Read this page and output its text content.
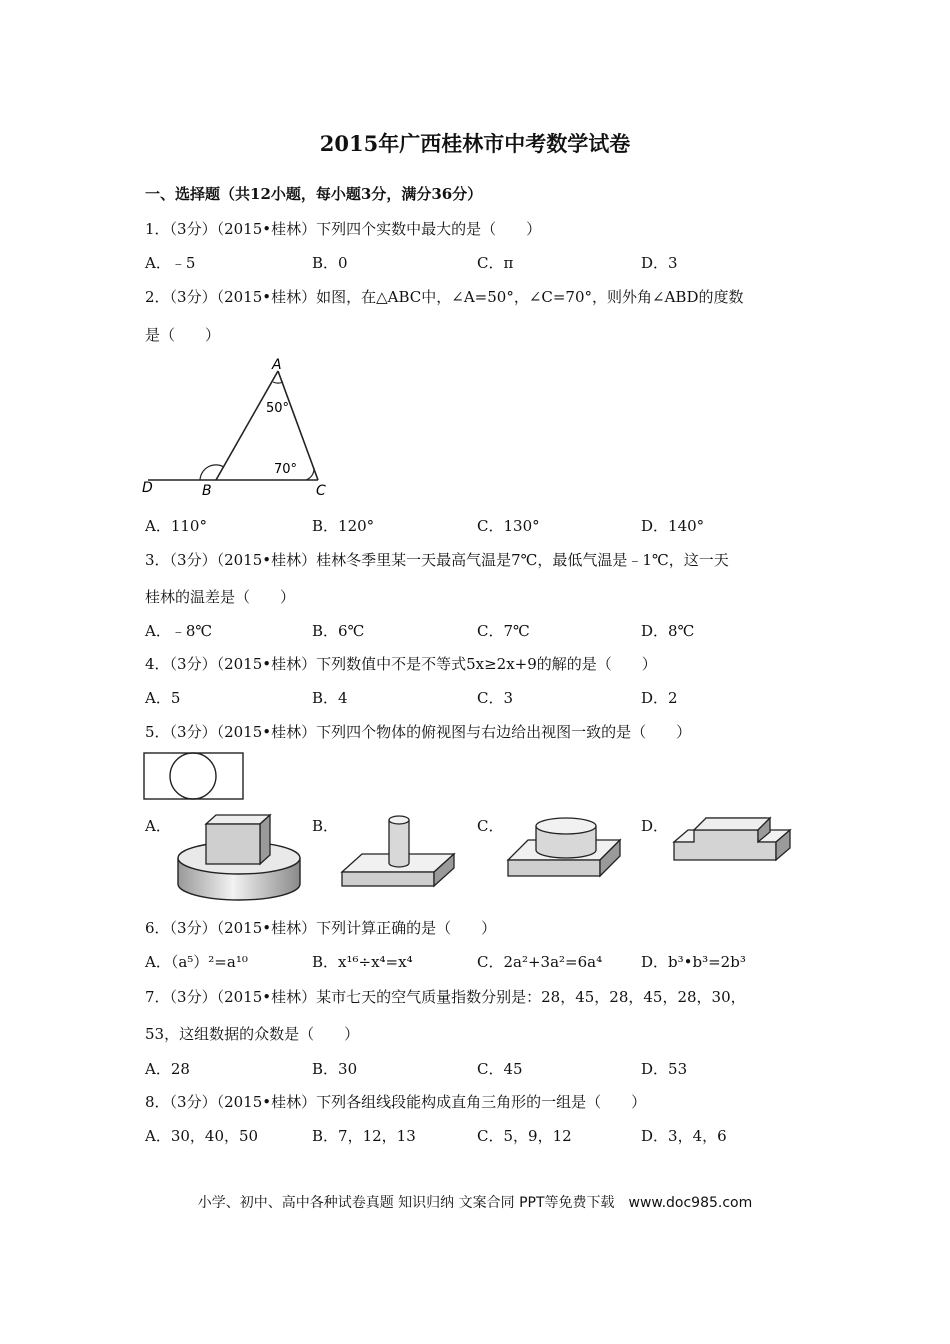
2015年广西桂林市中考数学试卷
一、选择题（共12小题，每小题3分，满分36分）
1．（3分）（2015•桂林）下列四个实数中最大的是（　　）
A．﹣5	B．0	C．π	D．3
2．（3分）（2015•桂林）如图，在△ABC中，∠A=50°，∠C=70°，则外角∠ABD的度数
是（　　）
A
B	C
D
50°
70°
A．110°	B．120°	C．130°	D．140°
3．（3分）（2015•桂林）桂林冬季里某一天最高气温是7℃，最低气温是﹣1℃，这一天
桂林的温差是（　　）
A．﹣8℃	B．6℃	C．7℃	D．8℃
4．（3分）（2015•桂林）下列数值中不是不等式5x≥2x+9的解的是（　　）
A．5	B．4	C．3	D．2
5．（3分）（2015•桂林）下列四个物体的俯视图与右边给出视图一致的是（　　）
A．	B．	C．	D．
6．（3分）（2015•桂林）下列计算正确的是（　　）
A．（a⁵）²=a¹⁰	B．x¹⁶÷x⁴=x⁴	C．2a²+3a²=6a⁴	D．b³•b³=2b³
7．（3分）（2015•桂林）某市七天的空气质量指数分别是：28，45，28，45，28，30，
53，这组数据的众数是（　　）
A．28	B．30	C．45	D．53
8．（3分）（2015•桂林）下列各组线段能构成直角三角形的一组是（　　）
A．30，40，50	B．7，12，13	C．5，9，12	D．3，4，6
小学、初中、高中各种试卷真题 知识归纳 文案合同 PPT等免费下载　www.doc985.com
